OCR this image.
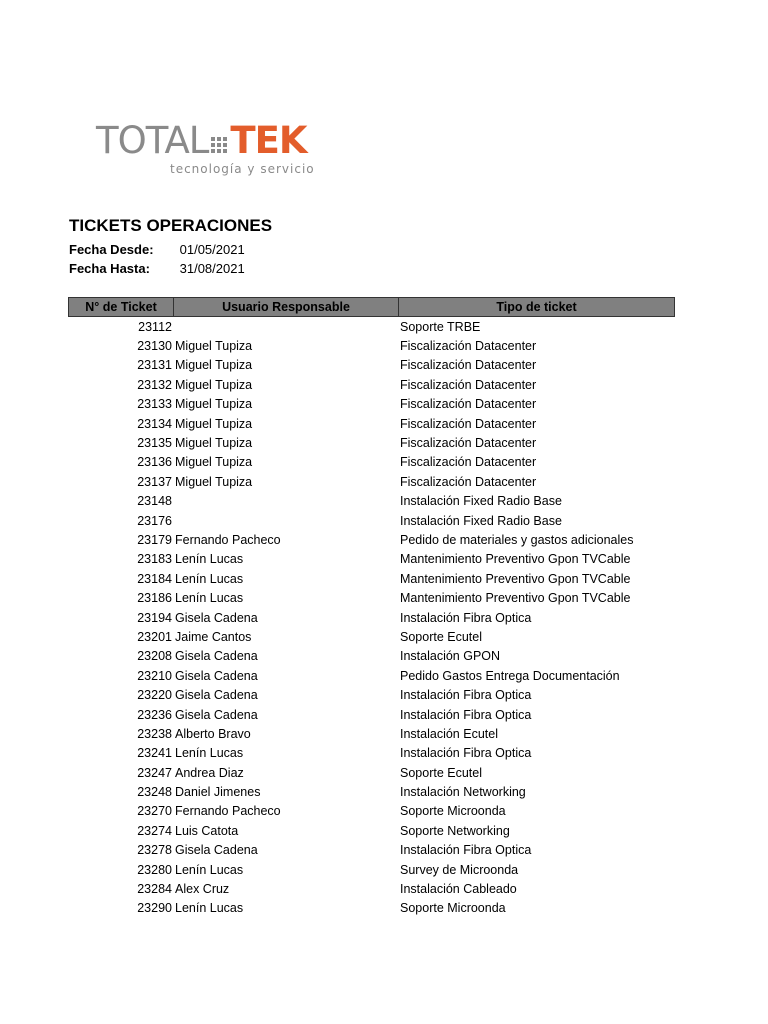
TOTAL TEK
tecnología y servicio
TICKETS OPERACIONES
Fecha Desde: 01/05/2021
Fecha Hasta: 31/08/2021
N° de Ticket	Usuario Responsable	Tipo de ticket
23112	Soporte TRBE
23130 Miguel Tupiza	Fiscalización Datacenter
23131 Miguel Tupiza	Fiscalización Datacenter
23132 Miguel Tupiza	Fiscalización Datacenter
23133 Miguel Tupiza	Fiscalización Datacenter
23134 Miguel Tupiza	Fiscalización Datacenter
23135 Miguel Tupiza	Fiscalización Datacenter
23136 Miguel Tupiza	Fiscalización Datacenter
23137 Miguel Tupiza	Fiscalización Datacenter
23148	Instalación Fixed Radio Base
23176	Instalación Fixed Radio Base
23179 Fernando Pacheco	Pedido de materiales y gastos adicionales
23183 Lenín Lucas	Mantenimiento Preventivo Gpon TVCable
23184 Lenín Lucas	Mantenimiento Preventivo Gpon TVCable
23186 Lenín Lucas	Mantenimiento Preventivo Gpon TVCable
23194 Gisela Cadena	Instalación Fibra Optica
23201 Jaime Cantos	Soporte Ecutel
23208 Gisela Cadena	Instalación GPON
23210 Gisela Cadena	Pedido Gastos Entrega Documentación
23220 Gisela Cadena	Instalación Fibra Optica
23236 Gisela Cadena	Instalación Fibra Optica
23238 Alberto Bravo	Instalación Ecutel
23241 Lenín Lucas	Instalación Fibra Optica
23247 Andrea Diaz	Soporte Ecutel
23248 Daniel Jimenes	Instalación Networking
23270 Fernando Pacheco	Soporte Microonda
23274 Luis Catota	Soporte Networking
23278 Gisela Cadena	Instalación Fibra Optica
23280 Lenín Lucas	Survey de Microonda
23284 Alex Cruz	Instalación Cableado
23290 Lenín Lucas	Soporte Microonda
